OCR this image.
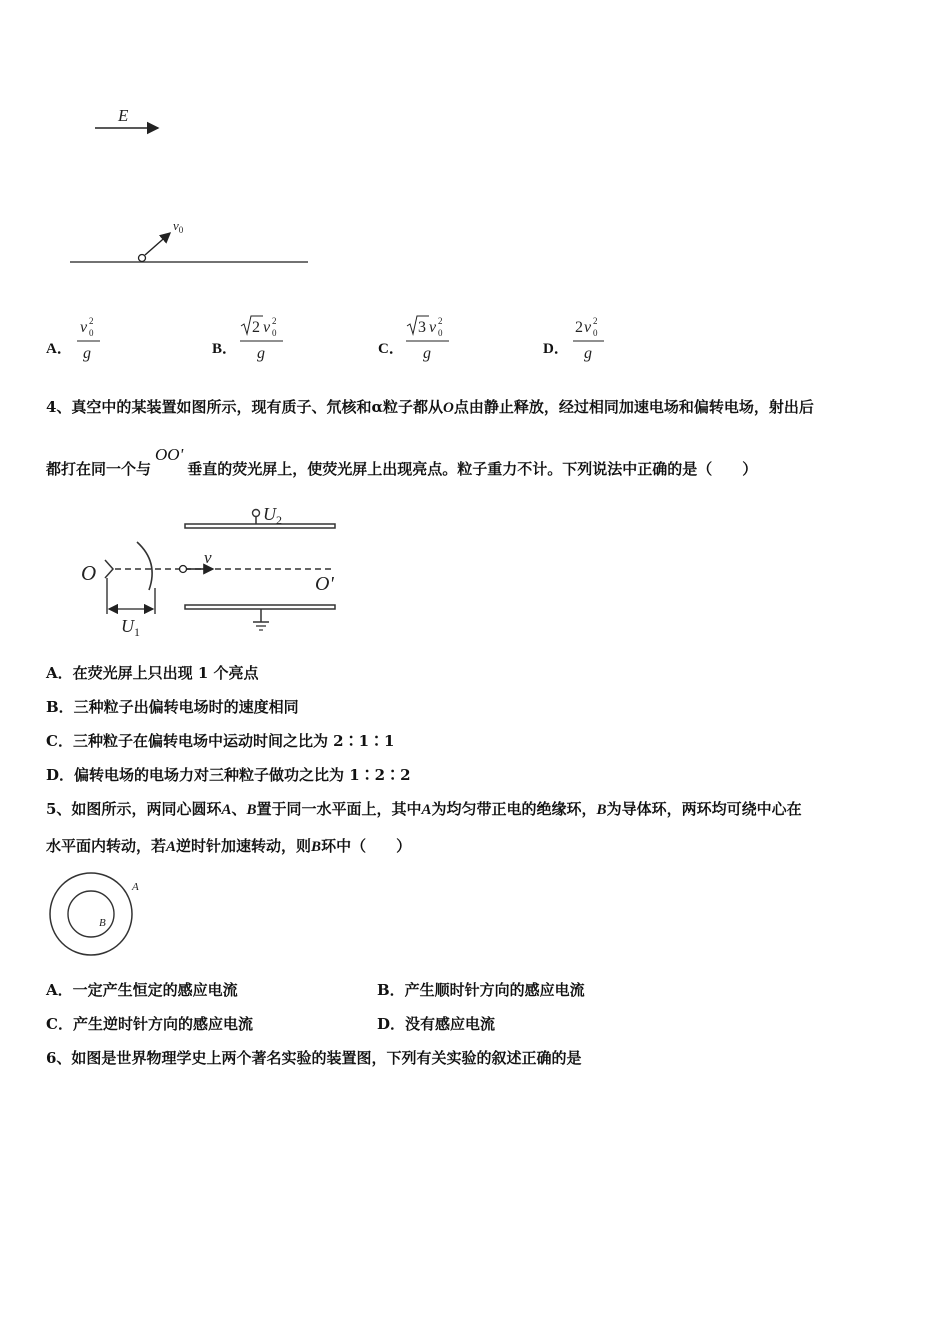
E
$v_0$
A．
v 2
0
g	B．
2 v 2
0
g	C．
3 v 2
0
g	D．
2 v 2
0
g
4、真空中的某装置如图所示，现有质子、氘核和α粒子都从O点由静止释放，经过相同加速电场和偏转电场，射出后
都打在同一个与OO'垂直的荧光屏上，使荧光屏上出现亮点。粒子重力不计。下列说法中正确的是（　　）
$U_2$
O
v
O'
$U_1$
A．在荧光屏上只出现 1 个亮点
B．三种粒子出偏转电场时的速度相同
C．三种粒子在偏转电场中运动时间之比为 2∶1∶1
D．偏转电场的电场力对三种粒子做功之比为 1∶2∶2
5、如图所示，两同心圆环A、B置于同一水平面上，其中A为均匀带正电的绝缘环，B为导体环，两环均可绕中心在
水平面内转动，若A逆时针加速转动，则B环中（　　）
A
B
A．一定产生恒定的感应电流	B．产生顺时针方向的感应电流
C．产生逆时针方向的感应电流	D．没有感应电流
6、如图是世界物理学史上两个著名实验的装置图，下列有关实验的叙述正确的是
